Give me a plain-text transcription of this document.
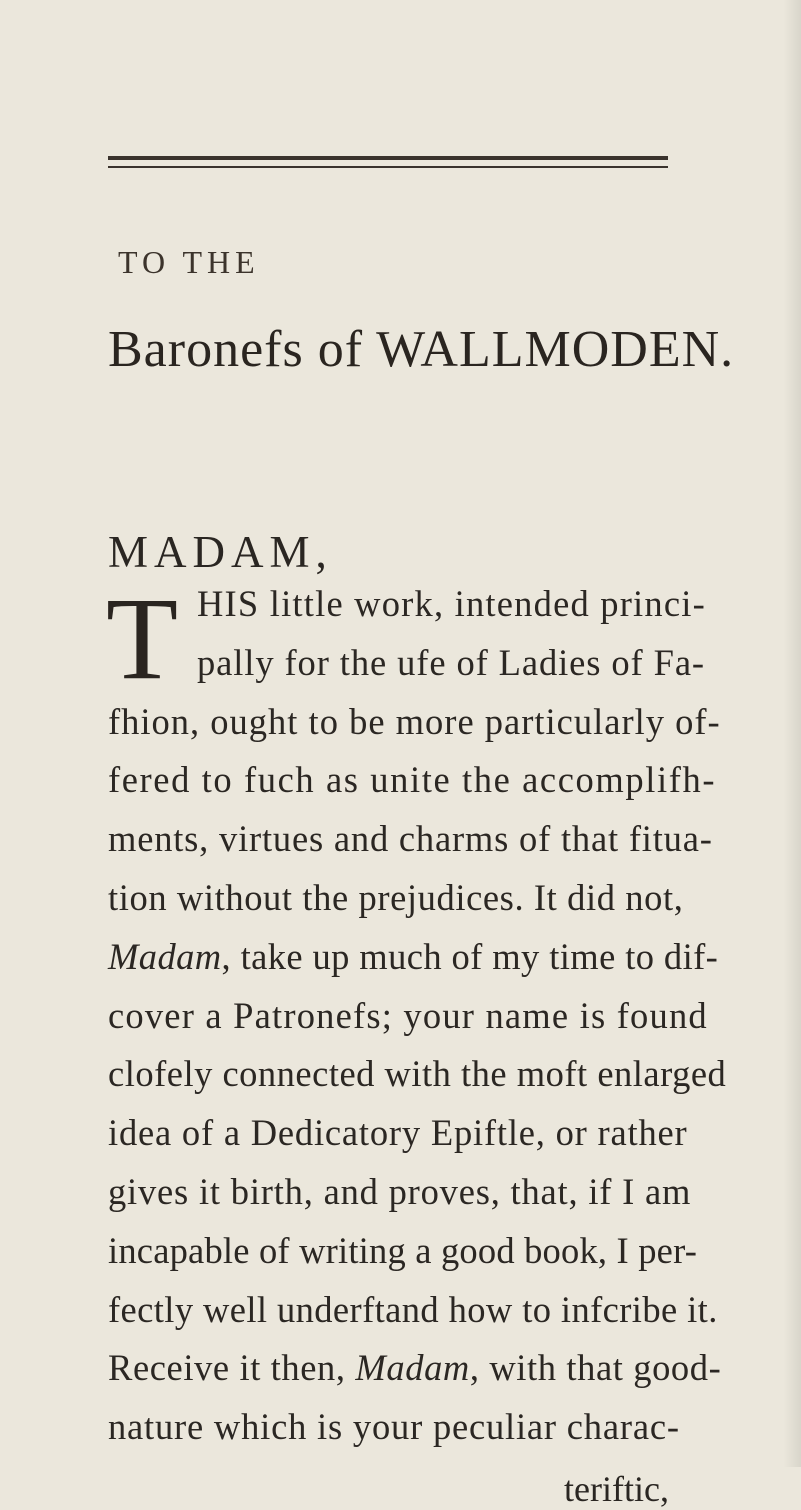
TO THE
Baronefs of WALLMODEN.
MADAM,
T HIS little work, intended princi-
pally for the ufe of Ladies of Fa-
fhion, ought to be more particularly of-
fered to fuch as unite the accomplifh-
ments, virtues and charms of that fitua-
tion without the prejudices. It did not,
Madam, take up much of my time to dif-
cover a Patronefs; your name is found
clofely connected with the moft enlarged
idea of a Dedicatory Epiftle, or rather
gives it birth, and proves, that, if I am
incapable of writing a good book, I per-
fectly well underftand how to infcribe it.
Receive it then, Madam, with that good-
nature which is your peculiar charac-
teriftic,
